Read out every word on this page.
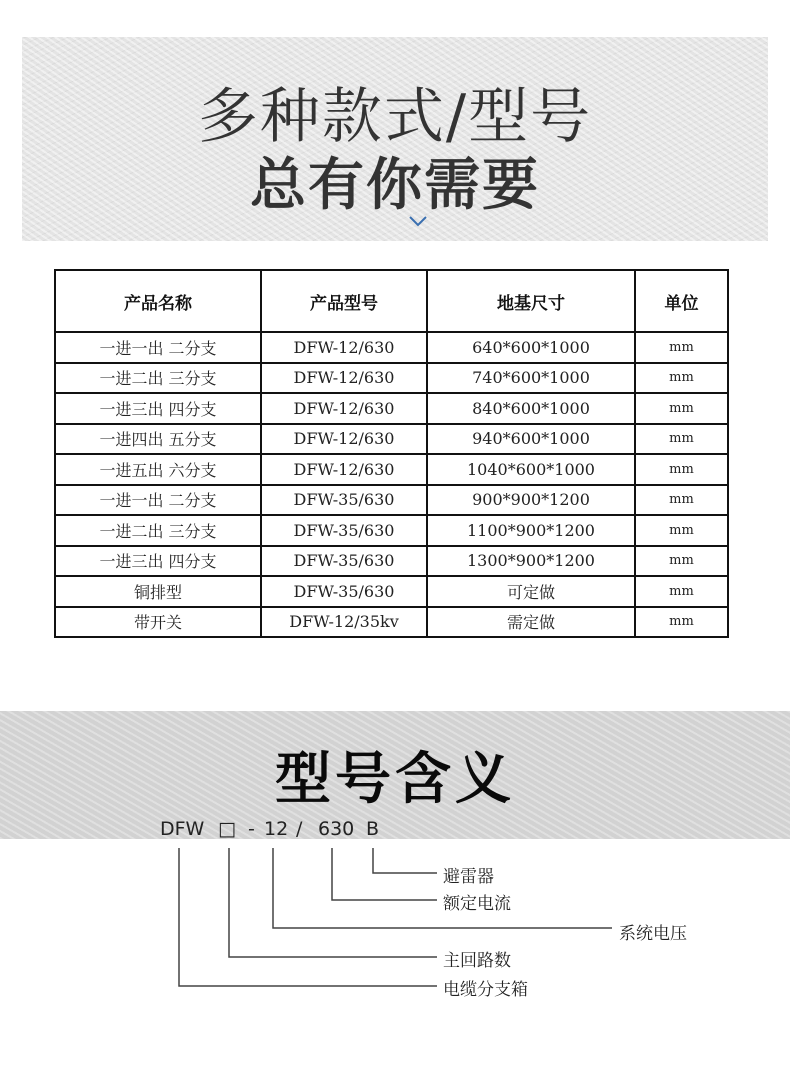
多种款式/型号
总有你需要
产品名称	产品型号	地基尺寸	单位
一进一出 二分支	DFW-12/630	640*600*1000	mm
一进二出 三分支	DFW-12/630	740*600*1000	mm
一进三出 四分支	DFW-12/630	840*600*1000	mm
一进四出 五分支	DFW-12/630	940*600*1000	mm
一进五出 六分支	DFW-12/630	1040*600*1000	mm
一进一出 二分支	DFW-35/630	900*900*1200	mm
一进二出 三分支	DFW-35/630	1100*900*1200	mm
一进三出 四分支	DFW-35/630	1300*900*1200	mm
铜排型	DFW-35/630	可定做	mm
带开关	DFW-12/35kv	需定做	mm
型号含义
DFW □ - 12 / 630 B
避雷器
额定电流
系统电压
主回路数
电缆分支箱
